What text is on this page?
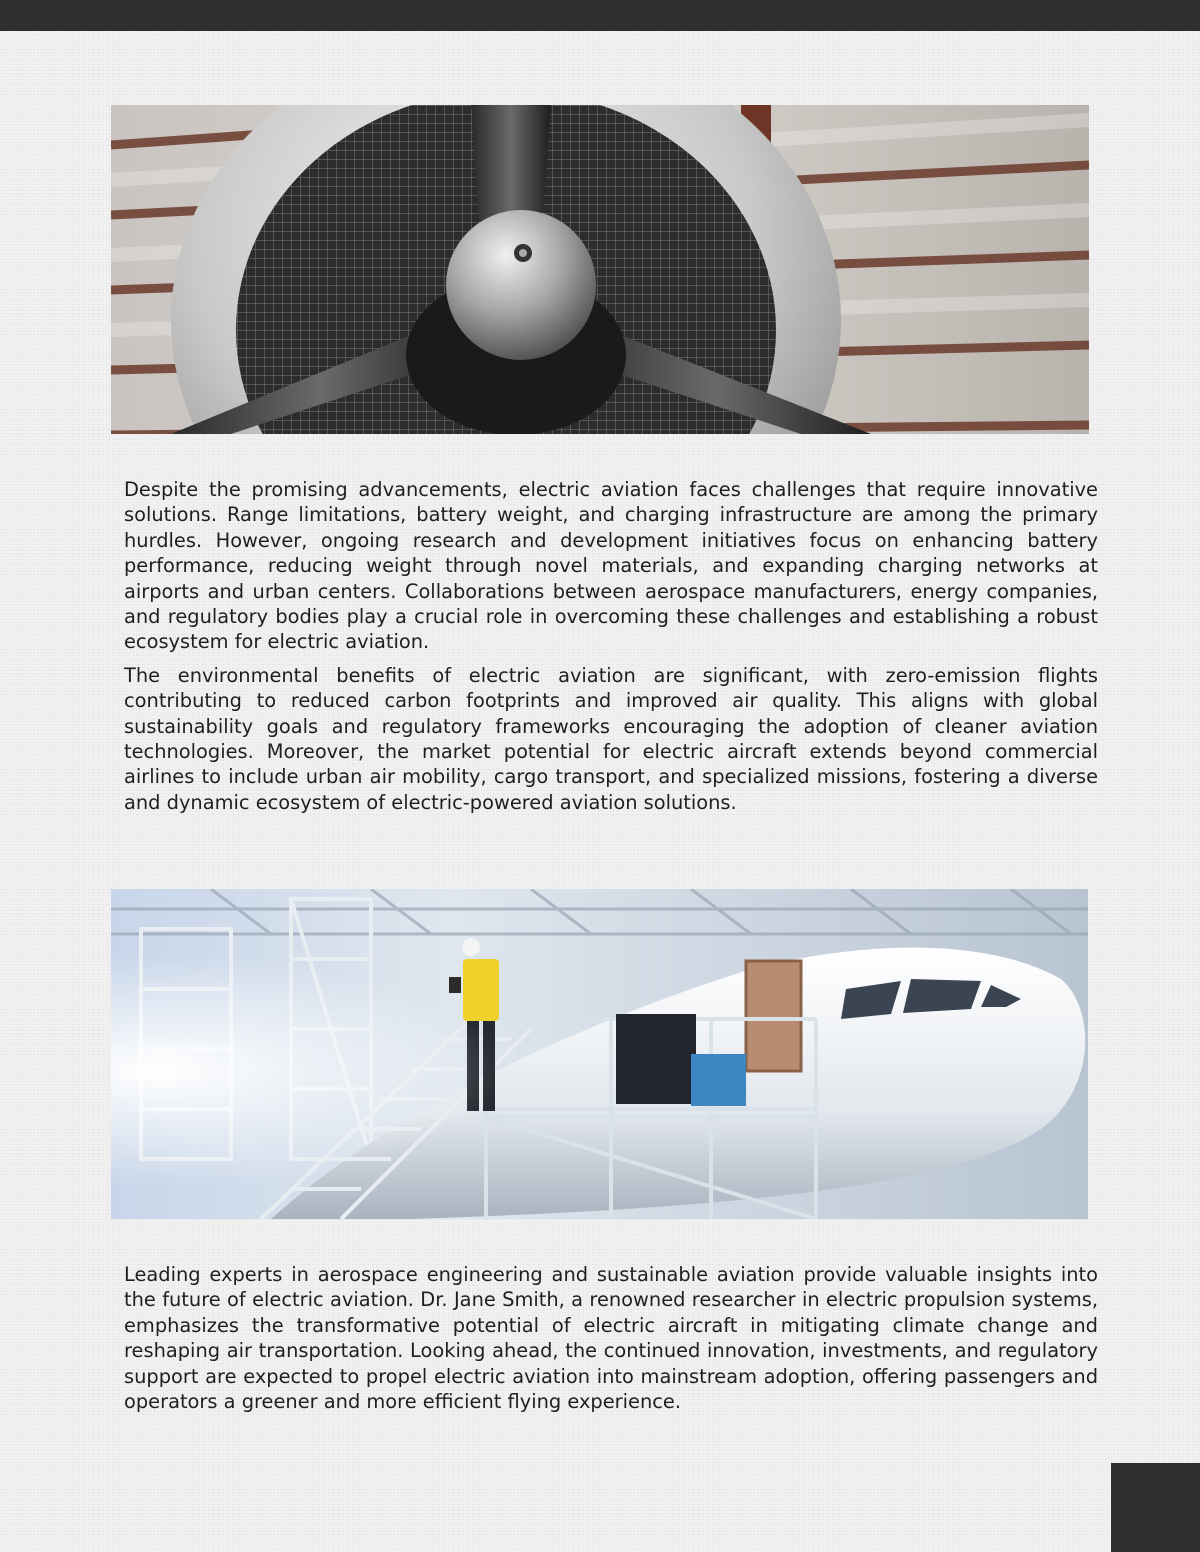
Despite the promising advancements, electric aviation faces challenges that require innovative solutions. Range limitations, battery weight, and charging infrastructure are among the primary hurdles. However, ongoing research and development initiatives focus on enhancing battery performance, reducing weight through novel materials, and expanding charging networks at airports and urban centers. Collaborations between aerospace manufacturers, energy companies, and regulatory bodies play a crucial role in overcoming these challenges and establishing a robust ecosystem for electric aviation.

The environmental benefits of electric aviation are significant, with zero-emission flights contributing to reduced carbon footprints and improved air quality. This aligns with global sustainability goals and regulatory frameworks encouraging the adoption of cleaner aviation technologies. Moreover, the market potential for electric aircraft extends beyond commercial airlines to include urban air mobility, cargo transport, and specialized missions, fostering a diverse and dynamic ecosystem of electric-powered aviation solutions.

Leading experts in aerospace engineering and sustainable aviation provide valuable insights into the future of electric aviation. Dr. Jane Smith, a renowned researcher in electric propulsion systems, emphasizes the transformative potential of electric aircraft in mitigating climate change and reshaping air transportation. Looking ahead, the continued innovation, investments, and regulatory support are expected to propel electric aviation into mainstream adoption, offering passengers and operators a greener and more efficient flying experience.
